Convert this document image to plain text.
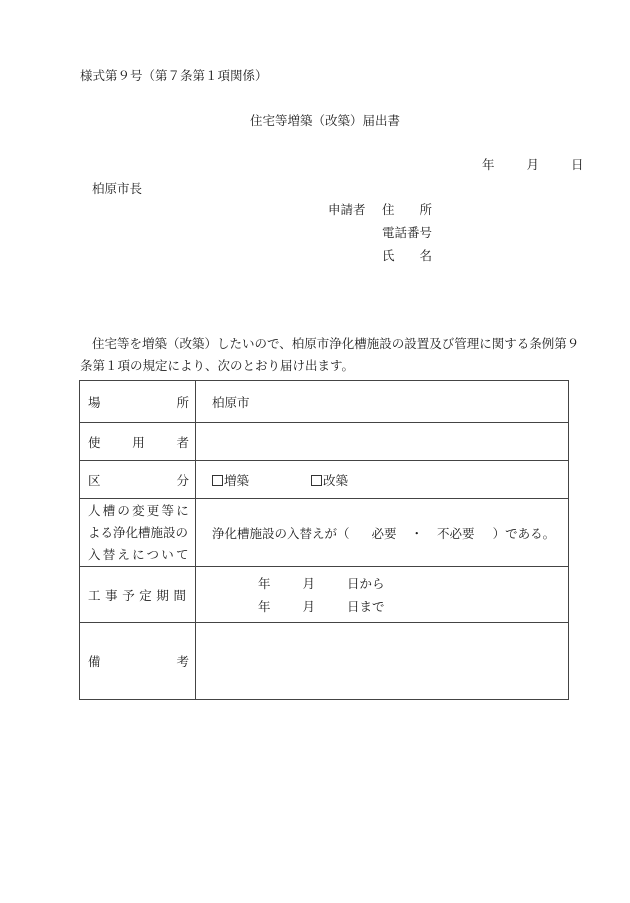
様式第９号（第７条第１項関係）
住宅等増築（改築）届出書
年	月	日
柏原市長
申請者 住　　所
電話番号
氏　　名
住宅等を増築（改築）したいので、柏原市浄化槽施設の設置及び管理に関する条例第９
条第１項の規定により、次のとおり届け出ます。
場 所	柏原市

使 用 者	

区 分	増築 改築

人槽の変更等に
よる浄化槽施設の
入替えについて	浄化槽施設の入替えが（ 必要 ・ 不必要 ）である。

工事予定期間	年 月 日から
年 月 日まで

備 考	
